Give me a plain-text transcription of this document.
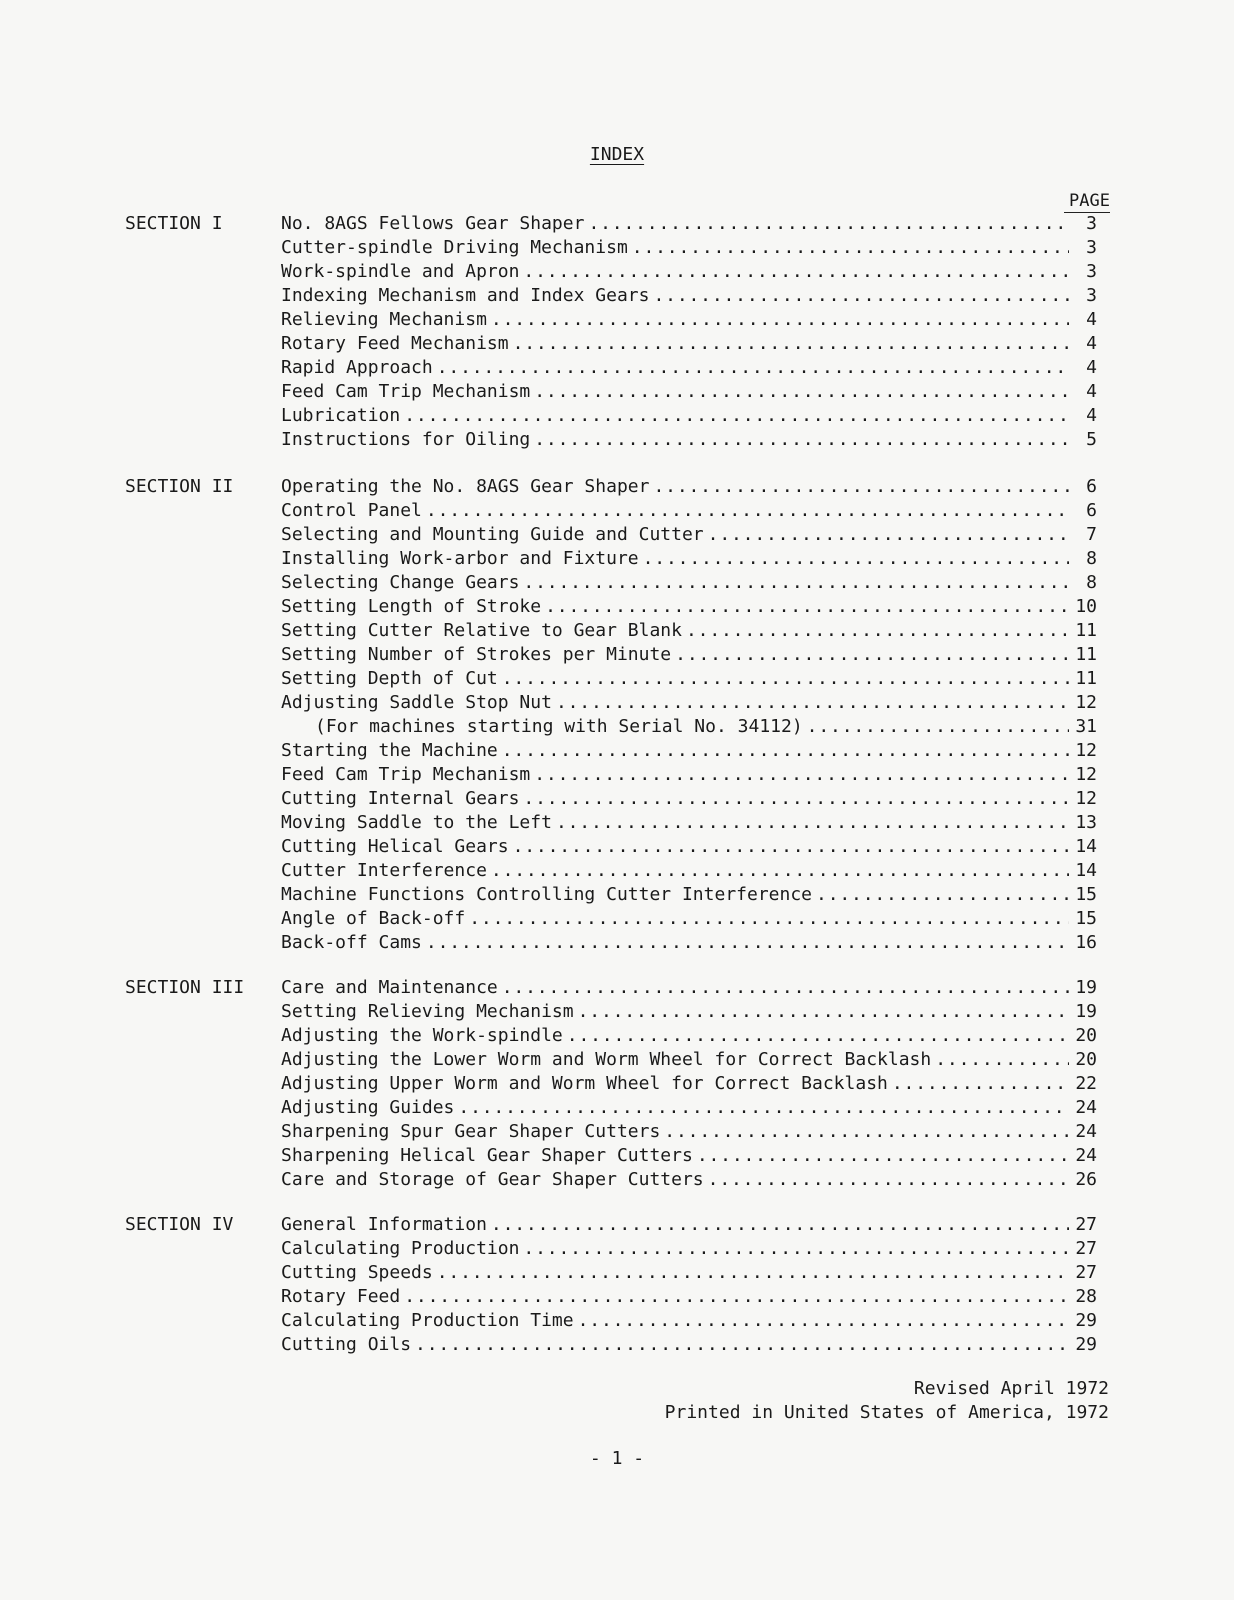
INDEX
PAGE
SECTION I	No. 8AGS Fellows Gear Shaper . . .	3
Cutter-spindle Driving Mechanism . . .	3
Work-spindle and Apron . . .	3
Indexing Mechanism and Index Gears . . .	3
Relieving Mechanism . . .	4
Rotary Feed Mechanism . . .	4
Rapid Approach . . .	4
Feed Cam Trip Mechanism . . .	4
Lubrication . . .	4
Instructions for Oiling . . .	5
SECTION II	Operating the No. 8AGS Gear Shaper . . .	6
Control Panel . . .	6
Selecting and Mounting Guide and Cutter . . .	7
Installing Work-arbor and Fixture . . .	8
Selecting Change Gears . . .	8
Setting Length of Stroke . . .	10
Setting Cutter Relative to Gear Blank . . .	11
Setting Number of Strokes per Minute . . .	11
Setting Depth of Cut . . .	11
Adjusting Saddle Stop Nut . . .	12
(For machines starting with Serial No. 34112) . . .	31
Starting the Machine . . .	12
Feed Cam Trip Mechanism . . .	12
Cutting Internal Gears . . .	12
Moving Saddle to the Left . . .	13
Cutting Helical Gears . . .	14
Cutter Interference . . .	14
Machine Functions Controlling Cutter Interference . . .	15
Angle of Back-off . . .	15
Back-off Cams . . .	16
SECTION III Care and Maintenance . . .	19
Setting Relieving Mechanism . . .	19
Adjusting the Work-spindle . . .	20
Adjusting the Lower Worm and Worm Wheel for Correct Backlash . . .	20
Adjusting Upper Worm and Worm Wheel for Correct Backlash . . .	22
Adjusting Guides . . .	24
Sharpening Spur Gear Shaper Cutters . . .	24
Sharpening Helical Gear Shaper Cutters . . .	24
Care and Storage of Gear Shaper Cutters . . .	26
SECTION IV	General Information . . .	27
Calculating Production . . .	27
Cutting Speeds . . .	27
Rotary Feed . . .	28
Calculating Production Time . . .	29
Cutting Oils . . .	29
Revised April 1972
Printed in United States of America, 1972
- 1 -
